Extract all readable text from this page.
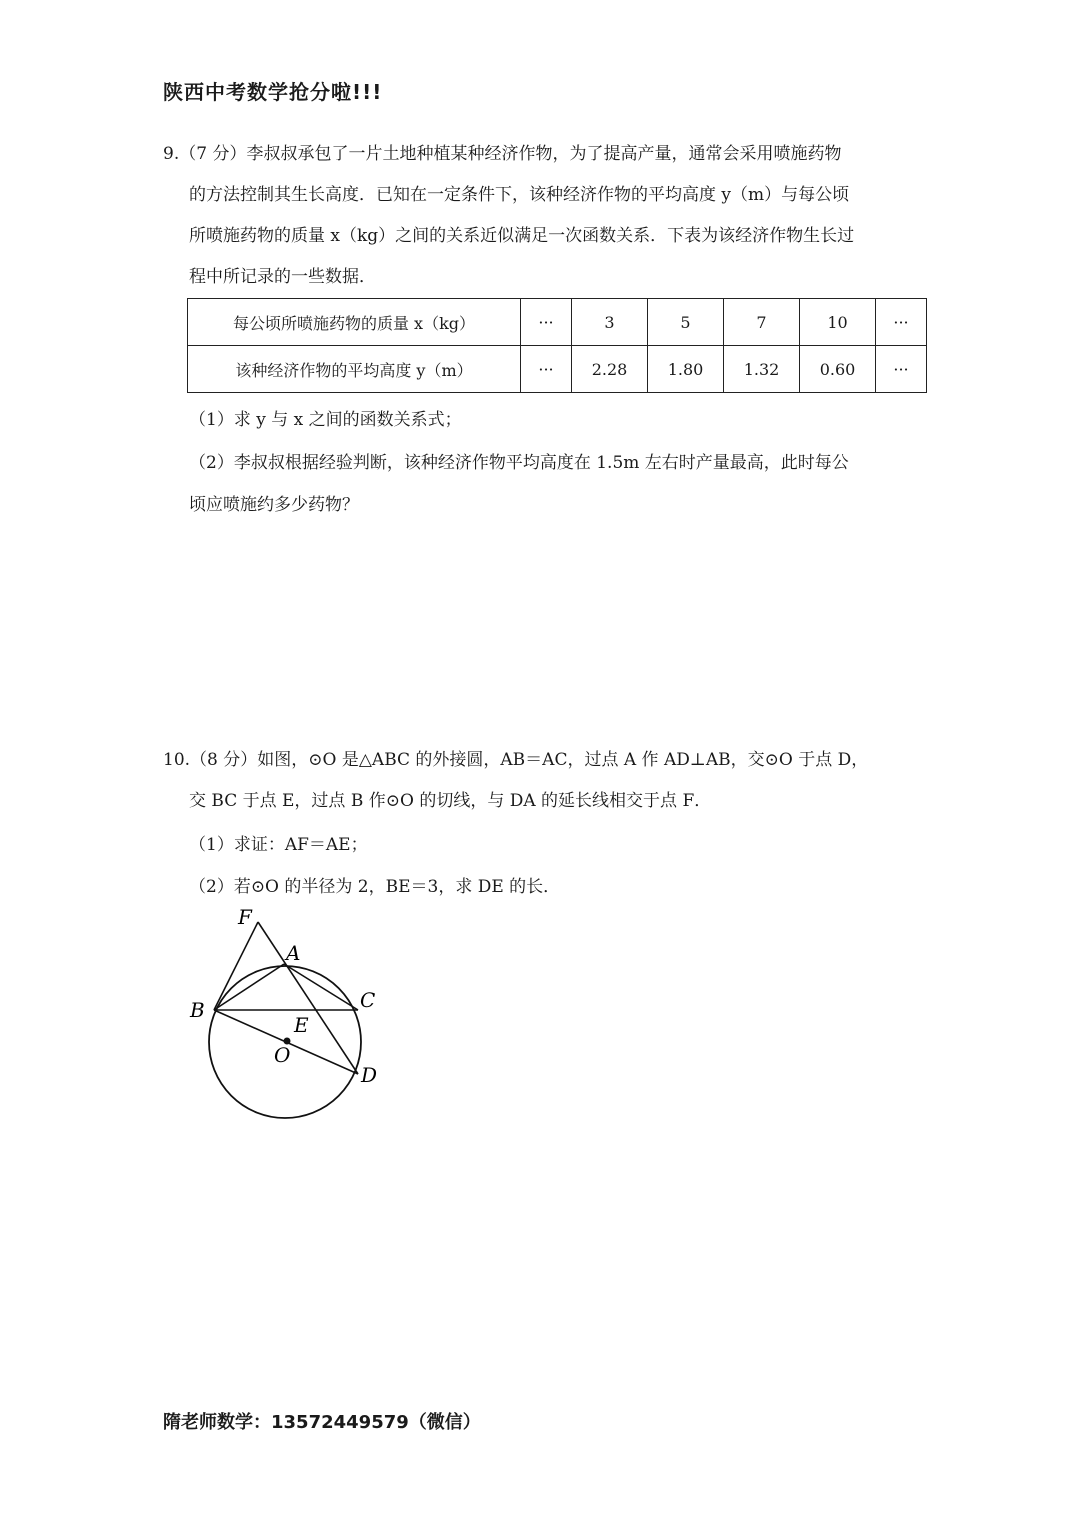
陕西中考数学抢分啦!!!
9.（7 分）李叔叔承包了一片土地种植某种经济作物，为了提高产量，通常会采用喷施药物
的方法控制其生长高度．已知在一定条件下，该种经济作物的平均高度 y（m）与每公顷
所喷施药物的质量 x（kg）之间的关系近似满足一次函数关系．下表为该经济作物生长过
程中所记录的一些数据．
每公顷所喷施药物的质量 x（kg）	···	3	5	7	10	···
该种经济作物的平均高度 y（m）	···	2.28	1.80	1.32	0.60	···
（1）求 y 与 x 之间的函数关系式；
（2）李叔叔根据经验判断，该种经济作物平均高度在 1.5m 左右时产量最高，此时每公
顷应喷施约多少药物？
10.（8 分）如图，⊙O 是△ABC 的外接圆，AB＝AC，过点 A 作 AD⊥AB，交⊙O 于点 D，
交 BC 于点 E，过点 B 作⊙O 的切线，与 DA 的延长线相交于点 F．
（1）求证：AF＝AE；
（2）若⊙O 的半径为 2，BE＝3，求 DE 的长．
F
A
B	C
E
O
D
隋老师数学：13572449579（微信）
